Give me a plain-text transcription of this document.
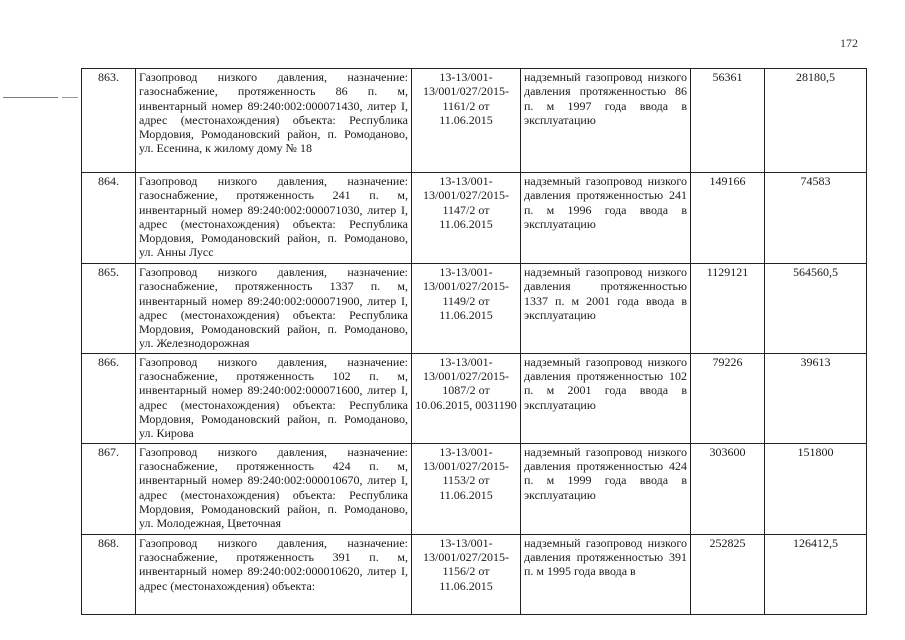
172
863.	Газопровод низкого давления, назначение: газоснабжение, протяженность 86 п. м, инвентарный номер 89:240:002:000071430, литер I, адрес (местонахождения) объекта: Республика Мордовия, Ромодановский район, п. Ромоданово, ул. Есенина, к жилому дому № 18	13-13/001-13/001/027/2015-1161/2 от 11.06.2015	надземный газопровод низкого давления протяженностью 86 п. м 1997 года ввода в эксплуатацию	56361	28180,5
864.	Газопровод низкого давления, назначение: газоснабжение, протяженность 241 п. м, инвентарный номер 89:240:002:000071030, литер I, адрес (местонахождения) объекта: Республика Мордовия, Ромодановский район, п. Ромоданово, ул. Анны Лусс	13-13/001-13/001/027/2015-1147/2 от 11.06.2015	надземный газопровод низкого давления протяженностью 241 п. м 1996 года ввода в эксплуатацию	149166	74583
865.	Газопровод низкого давления, назначение: газоснабжение, протяженность 1337 п. м, инвентарный номер 89:240:002:000071900, литер I, адрес (местонахождения) объекта: Республика Мордовия, Ромодановский район, п. Ромоданово, ул. Железнодорожная	13-13/001-13/001/027/2015-1149/2 от 11.06.2015	надземный газопровод низкого давления протяженностью 1337 п. м 2001 года ввода в эксплуатацию	1129121	564560,5
866.	Газопровод низкого давления, назначение: газоснабжение, протяженность 102 п. м, инвентарный номер 89:240:002:000071600, литер I, адрес (местонахождения) объекта: Республика Мордовия, Ромодановский район, п. Ромоданово, ул. Кирова	13-13/001-13/001/027/2015-1087/2 от 10.06.2015, 0031190	надземный газопровод низкого давления протяженностью 102 п. м 2001 года ввода в эксплуатацию	79226	39613
867.	Газопровод низкого давления, назначение: газоснабжение, протяженность 424 п. м, инвентарный номер 89:240:002:000010670, литер I, адрес (местонахождения) объекта: Республика Мордовия, Ромодановский район, п. Ромоданово, ул. Молодежная, Цветочная	13-13/001-13/001/027/2015-1153/2 от 11.06.2015	надземный газопровод низкого давления протяженностью 424 п. м 1999 года ввода в эксплуатацию	303600	151800
868.	Газопровод низкого давления, назначение: газоснабжение, протяженность 391 п. м, инвентарный номер 89:240:002:000010620, литер I, адрес (местонахождения) объекта:	13-13/001-13/001/027/2015-1156/2 от 11.06.2015	надземный газопровод низкого давления протяженностью 391 п. м 1995 года ввода в	252825	126412,5
